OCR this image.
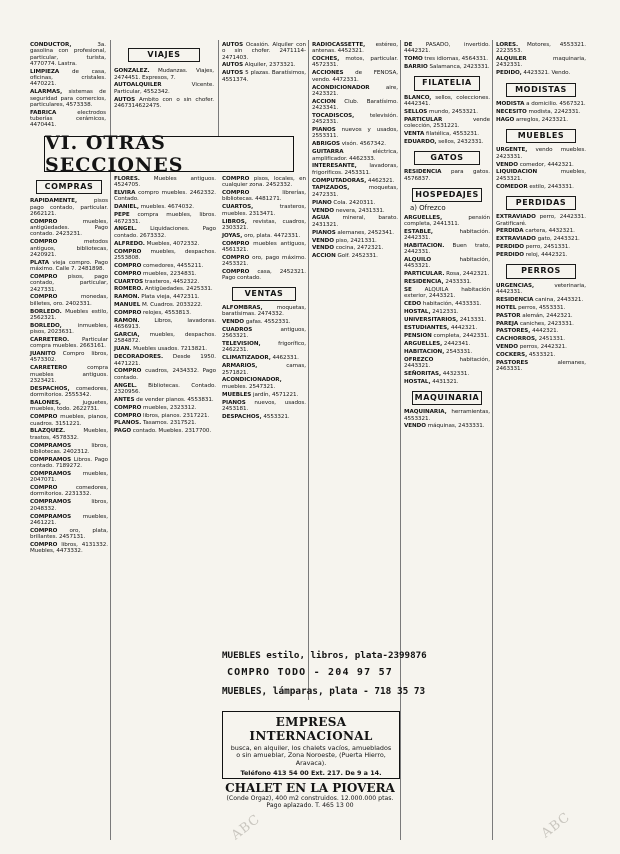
CONDUCTOR, 3a. gasolina con profesional, particular, turista, 4770774. Lastra.

LIMPIEZA de casa, oficinas, cristales. 4470221.

ALARMAS, sistemas de seguridad para comercios, particulares, 4573338.

FABRICA electrodos tuberías cerámicos, 4470441.

VI. OTRAS SECCIONES
COMPRAS

RAPIDAMENTE, pisos pago contado, particular. 2662121.

COMPRO muebles, antigüedades. Pago contado. 2423231.

COMPRO metodos antiguos, bibliotecas, 2420921.

PLATA vieja compro. Pago máximo. Calle 7. 2481898.

COMPRO pisos, pago contado, particular, 2427331.

COMPRO monedas, billetes, oro. 2402331.

BORLEDO. Muebles estilo, 2562321.

BORLEDO, inmuebles, pisos, 2023631.

CARRETERO. Particular compra muebles. 2663161.

JUANITO Compro libros, 4573302.

CARRETERO compra muebles antiguos. 2323421.

DESPACHOS, comedores, dormitorios. 2555342.

BALONES, juguetes, muebles, todo. 2622731.

COMPRO muebles, pianos, cuadros. 3151221.

BLAZQUEZ. Muebles, trastos, 4578332.

COMPRAMOS libros, bibliotecas. 2402312.

COMPRAMOS Libros. Pago contado. 7189272.

COMPRAMOS muebles, 2047071.

COMPRO comedores, dormitorios. 2231332.

COMPRAMOS libros, 2048332.

COMPRAMOS muebles, 2461221.

COMPRO oro, plata, brillantes. 2457131.

COMPRO libros, 4131332. Muebles, 4473332.

VIAJES

GONZALEZ. Mudanzas. Viajes, 2474451. Expresos, 7.

AUTOALQUILER Vicente. Particular, 4552342.

AUTOS Ambito con o sin chofer. 2467314622475.

FLORES. Muebles antiguos. 4524705.

ELVIRA compro muebles. 2462332. Contado.

DANIEL, muebles. 4674032.

PEPE compra muebles, libros. 4672331.

ANGEL. Liquidaciones. Pago contado. 2673332.

ALFREDO. Muebles, 4072332.

COMPRO muebles, despachos. 2553808.

COMPRO comedores, 4455211.

COMPRO muebles, 2234831.

CUARTOS trasteros, 4452322.

ROMERO. Antigüedades. 2425331.

RAMON. Plata vieja, 4472311.

MANUEL M. Cuadros. 2033222.

COMPRO relojes, 4553813.

RAMON. Libros, lavadoras. 4656913.

GARCIA, muebles, despachos. 2584872.

JUAN. Muebles usados. 7213821.

DECORADORES. Desde 1950. 4471221.

COMPRO cuadros, 2434332. Pago contado.

ANGEL. Bibliotecas. Contado. 2320956.

ANTES de vender pianos. 4553831.

COMPRO muebles, 2323312.

COMPRO libros, pianos. 2317221.

PLANOS. Tasamos. 2317521.

PAGO contado. Muebles. 2317700.

AUTOS Ocasión. Alquiler con o sin chofer. 2471114-2471403.

AUTOS Alquiler, 2373321.

AUTOS 5 plazas. Baratísimos, 4551374.

COMPRO pisos, locales, en cualquier zona. 2452332.

COMPRO librerías, bibliotecas. 4481271.

CUARTOS, trasteros, muebles. 2313471.

LIBROS, revistas, cuadros, 2303321.

JOYAS, oro, plata. 4472331.

COMPRO muebles antiguos, 4561321.

COMPRO oro, pago máximo. 2453321.

COMPRO casa, 2452321. Pago contado.

VENTAS

ALFOMBRAS, moquetas, baratísimas. 2474332.

VENDO gafas. 4552331.

CUADROS antiguos, 2563321.

TELEVISION, frigorífico, 2462231.

CLIMATIZADOR, 4462331.

ARMARIOS, camas, 2571821.

ACONDICIONADOR, muebles. 2547321.

MUEBLES jardín, 4571221.

PIANOS nuevos, usados. 2453181.

DESPACHOS, 4553321.

RADIOCASSETTE, estéreo, antenas. 4452321.

COCHES, motos, particular. 4572331.

ACCIONES de FENOSA, vendo. 4472331.

ACONDICIONADOR aire, 2423321.

ACCION Club. Baratísimo. 2423341.

TOCADISCOS, televisión. 2452331.

PIANOS nuevos y usados, 2553311.

ABRIGOS visón. 4567342.

GUITARRA eléctrica, amplificador. 4462333.

INTERESANTE, lavadoras, frigoríficos. 2453311.

COMPUTADORAS, 4462321.

TAPIZADOS, moquetas, 2472331.

PIANO Cola. 2420311.

VENDO nevera, 2431331.

AGUA mineral, barato. 2431321.

PIANOS alemanes, 2452341.

VENDO piso, 2421331.

VENDO cocina, 2472321.

ACCION Golf. 2452331.

MUEBLES estilo, libros, plata-2399876
COMPRO TODO - 204 97 57
MUEBLES, lámparas, plata - 718 35 73
EMPRESA INTERNACIONAL
busca, en alquiler, los chalets vacíos, amueblados o sin amueblar, Zona Noroeste, (Puerta Hierro, Aravaca).
Teléfono 413 54 00 Ext. 217. De 9 a 14.
CHALET EN LA PIOVERA
(Conde Orgaz), 400 m2 construidos. 12.000.000 ptas. Pago aplazado. T. 465 13 00

DE PASADO, invertido. 4442321.

TOMO tres idiomas, 4564331.

BARRIO Salamanca, 2423331.

FILATELIA

BLANCO, sellos, colecciones. 4442341.

SELLOS mundo, 2453321.

PARTICULAR vende colección, 2531221.

VENTA filatélica, 4553231.

EDUARDO, sellos, 2432331.

GATOS

RESIDENCIA para gatos. 4576837.

HOSPEDAJES

a) Ofrezco

ARGUELLES, pensión completa, 2441311.

ESTABLE, habitación. 2442331.

HABITACION. Buen trato, 2442331.

ALQUILO habitación, 4453321.

PARTICULAR. Rosa, 2442321.

RESIDENCIA, 2433331.

SE ALQUILA habitación exterior, 2443321.

CEDO habitación, 4433331.

HOSTAL, 2412331.

UNIVERSITARIOS, 2413331.

ESTUDIANTES, 4442321.

PENSION completa, 2442331.

ARGUELLES, 2442341.

HABITACION, 2543331.

OFREZCO habitación, 2443321.

SEÑORITAS, 4432331.

HOSTAL, 4431321.

MAQUINARIA

MAQUINARIA, herramientas, 4553321.

VENDO máquinas, 2433331.

LORES. Motores, 4553321. 2223553.

ALQUILER maquinaria, 2432331.

PEDIDO, 4423321. Vendo.

MODISTAS

MODISTA a domicilio. 4567321.

NECESITO modista, 2242331.

HAGO arreglos, 2423321.

MUEBLES

URGENTE, vendo muebles. 2423331.

VENDO comedor, 4442321.

LIQUIDACION muebles, 2453321.

COMEDOR estilo, 2443331.

PERDIDAS

EXTRAVIADO perro, 2442331. Gratificaré.

PERDIDA cartera, 4432321.

EXTRAVIADO gato, 2443321.

PERDIDO perro, 2451331.

PERDIDO reloj, 4442321.

PERROS

URGENCIAS, veterinaria, 4442331.

RESIDENCIA canina, 2443321.

HOTEL perros, 4553331.

PASTOR alemán, 2442321.

PAREJA caniches, 2423331.

PASTORES, 4442321.

CACHORROS, 2451331.

VENDO perros, 2442321.

COCKERS, 4533321.

PASTORES alemanes, 2463331.

ABC	ABC
